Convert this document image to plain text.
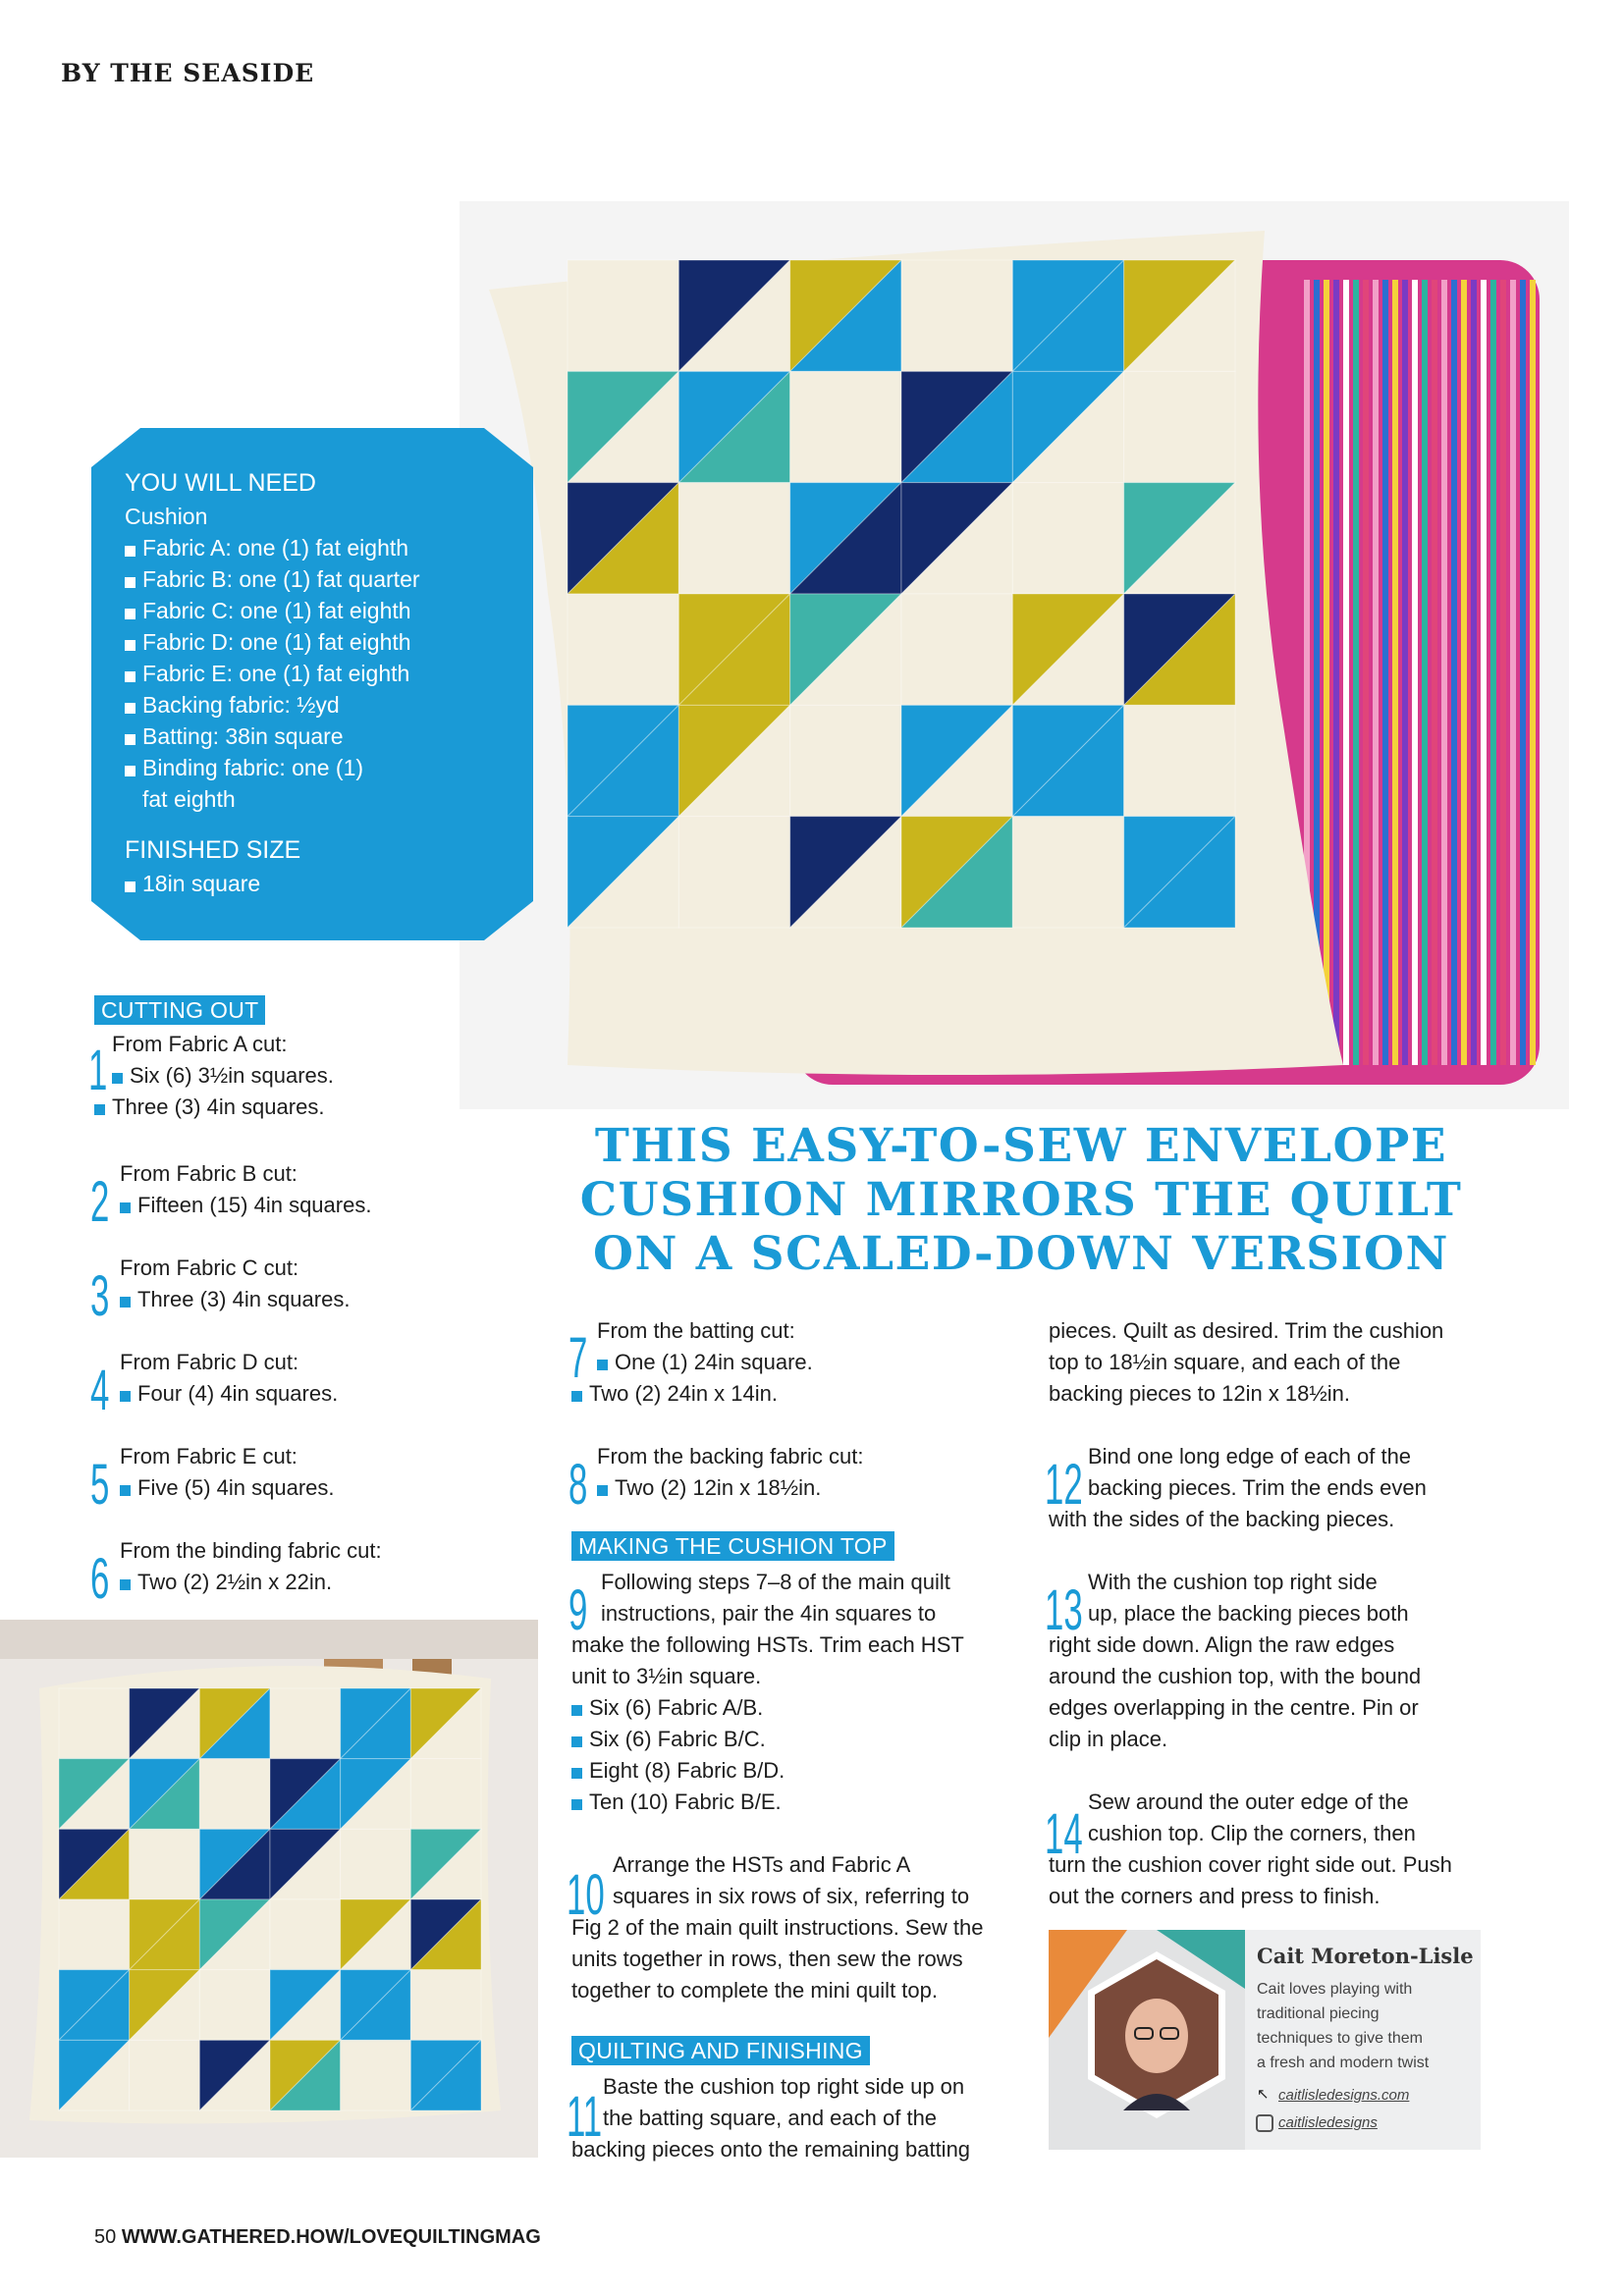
BY THE SEASIDE
YOU WILL NEED
Cushion
Fabric A: one (1) fat eighth
Fabric B: one (1) fat quarter
Fabric C: one (1) fat eighth
Fabric D: one (1) fat eighth
Fabric E: one (1) fat eighth
Backing fabric: ½yd
Batting: 38in square
Binding fabric: one (1)
fat eighth
FINISHED SIZE
18in square
CUTTING OUT
1 From Fabric A cut:
Six (6) 3½in squares.
Three (3) 4in squares.
2 From Fabric B cut:
Fifteen (15) 4in squares.
3 From Fabric C cut:
Three (3) 4in squares.
4 From Fabric D cut:
Four (4) 4in squares.
5 From Fabric E cut:
Five (5) 4in squares.
6 From the binding fabric cut:
Two (2) 2½in x 22in.
THIS EASY-TO-SEW ENVELOPE
CUSHION MIRRORS THE QUILT
ON A SCALED-DOWN VERSION
7 From the batting cut:
One (1) 24in square.
Two (2) 24in x 14in.
8 From the backing fabric cut:
Two (2) 12in x 18½in.
MAKING THE CUSHION TOP
9 Following steps 7–8 of the main quilt
instructions, pair the 4in squares to
make the following HSTs. Trim each HST
unit to 3½in square.
Six (6) Fabric A/B.
Six (6) Fabric B/C.
Eight (8) Fabric B/D.
Ten (10) Fabric B/E.
10 Arrange the HSTs and Fabric A
squares in six rows of six, referring to
Fig 2 of the main quilt instructions. Sew the
units together in rows, then sew the rows
together to complete the mini quilt top.
QUILTING AND FINISHING
11 Baste the cushion top right side up on
the batting square, and each of the
backing pieces onto the remaining batting
pieces. Quilt as desired. Trim the cushion
top to 18½in square, and each of the
backing pieces to 12in x 18½in.
12 Bind one long edge of each of the
backing pieces. Trim the ends even
with the sides of the backing pieces.
13 With the cushion top right side
up, place the backing pieces both
right side down. Align the raw edges
around the cushion top, with the bound
edges overlapping in the centre. Pin or
clip in place.
14
Sew around the outer edge of the
cushion top. Clip the corners, then
turn the cushion cover right side out. Push
out the corners and press to finish.
Cait Moreton-Lisle
Cait loves playing with
traditional piecing
techniques to give them
a fresh and modern twist
↖ caitlisledesigns.com
caitlisledesigns
50 WWW.GATHERED.HOW/LOVEQUILTINGMAG
